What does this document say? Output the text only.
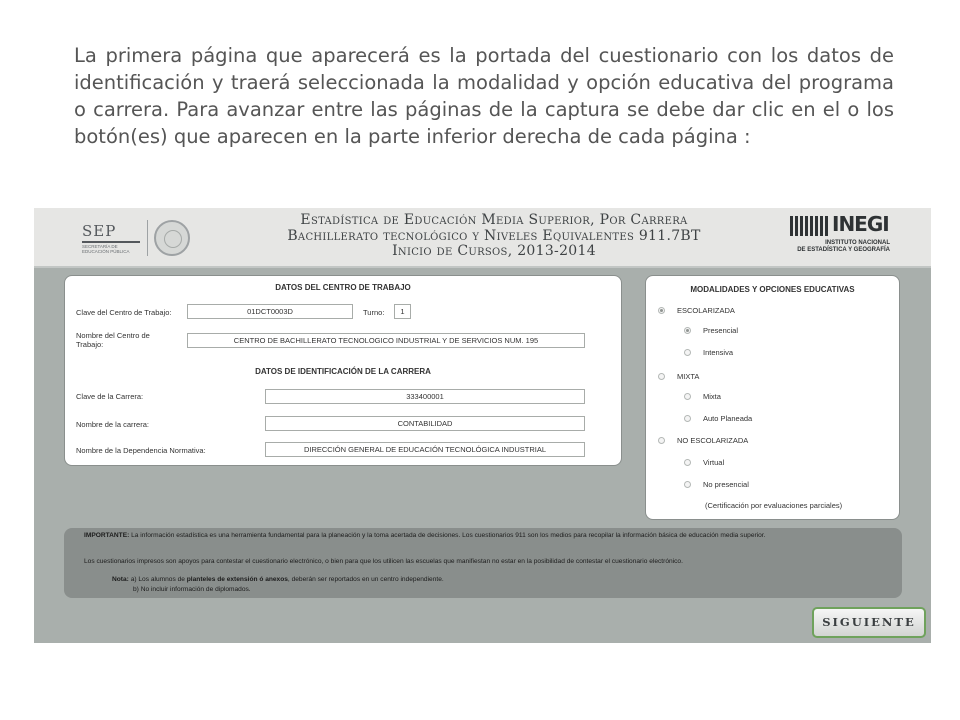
La primera página que aparecerá es la portada del cuestionario con los datos de identificación y traerá seleccionada la modalidad y opción educativa del programa o carrera. Para avanzar entre las páginas de la captura se debe dar clic en el o los botón(es) que aparecen en la parte inferior derecha de cada página :
SEP
SECRETARÍA DE
EDUCACIÓN PÚBLICA
Estadística de Educación Media Superior, Por Carrera
Bachillerato tecnológico y Niveles Equivalentes 911.7BT
Inicio de Cursos, 2013-2014
INEGI
INSTITUTO NACIONAL
DE ESTADÍSTICA Y GEOGRAFÍA
DATOS DEL CENTRO DE TRABAJO
Clave del Centro de Trabajo:	01DCT0003D	Turno:	1
Nombre del Centro de Trabajo:	CENTRO DE BACHILLERATO TECNOLOGICO INDUSTRIAL Y DE SERVICIOS NUM. 195
DATOS DE IDENTIFICACIÓN DE LA CARRERA
Clave de la Carrera:	333400001
Nombre de la carrera:	CONTABILIDAD
Nombre de la Dependencia Normativa:	DIRECCIÓN GENERAL DE EDUCACIÓN TECNOLÓGICA INDUSTRIAL
MODALIDADES Y OPCIONES EDUCATIVAS
ESCOLARIZADA
Presencial
Intensiva
MIXTA
Mixta
Auto Planeada
NO ESCOLARIZADA
Virtual
No presencial
(Certificación por evaluaciones parciales)

IMPORTANTE: La información estadística es una herramienta fundamental para la planeación y la toma acertada de decisiones. Los cuestionarios 911 son los medios para recopilar la información básica de educación media superior.

Los cuestionarios impresos son apoyos para contestar el cuestionario electrónico, o bien para que los utilicen las escuelas que manifiestan no estar en la posibilidad de contestar el cuestionario electrónico.

Nota: a) Los alumnos de planteles de extensión ó anexos, deberán ser reportados en un centro independiente.

b) No incluir información de diplomados.

SIGUIENTE
